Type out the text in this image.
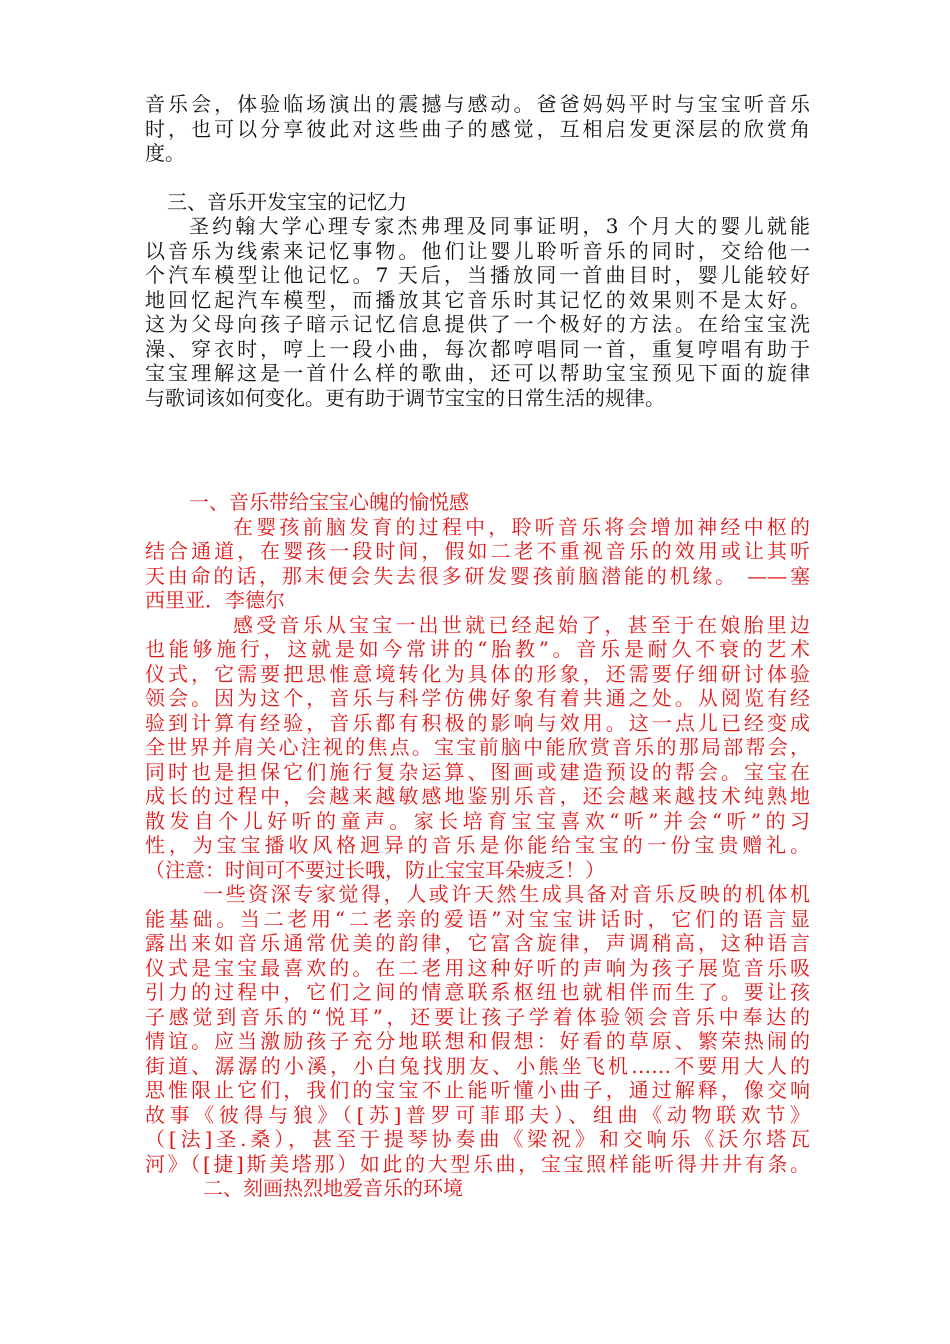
音乐会，体验临场演出的震撼与感动。爸爸妈妈平时与宝宝听音乐
时，也可以分享彼此对这些曲子的感觉，互相启发更深层的欣赏角
度。
三、音乐开发宝宝的记忆力
圣约翰大学心理专家杰弗理及同事证明，3 个月大的婴儿就能
以音乐为线索来记忆事物。他们让婴儿聆听音乐的同时，交给他一
个汽车模型让他记忆。7 天后，当播放同一首曲目时，婴儿能较好
地回忆起汽车模型，而播放其它音乐时其记忆的效果则不是太好。
这为父母向孩子暗示记忆信息提供了一个极好的方法。在给宝宝洗
澡、穿衣时，哼上一段小曲，每次都哼唱同一首，重复哼唱有助于
宝宝理解这是一首什么样的歌曲，还可以帮助宝宝预见下面的旋律
与歌词该如何变化。更有助于调节宝宝的日常生活的规律。
一、音乐带给宝宝心魄的愉悦感
在婴孩前脑发育的过程中，聆听音乐将会增加神经中枢的
结合通道，在婴孩一段时间，假如二老不重视音乐的效用或让其听
天由命的话，那末便会失去很多研发婴孩前脑潜能的机缘。 ——塞
西里亚．李德尔
感受音乐从宝宝一出世就已经起始了，甚至于在娘胎里边
也能够施行，这就是如今常讲的“胎教”。音乐是耐久不衰的艺术
仪式，它需要把思惟意境转化为具体的形象，还需要仔细研讨体验
领会。因为这个，音乐与科学仿佛好象有着共通之处。从阅览有经
验到计算有经验，音乐都有积极的影响与效用。这一点儿已经变成
全世界并肩关心注视的焦点。宝宝前脑中能欣赏音乐的那局部帮会，
同时也是担保它们施行复杂运算、图画或建造预设的帮会。宝宝在
成长的过程中，会越来越敏感地鉴别乐音，还会越来越技术纯熟地
散发自个儿好听的童声。家长培育宝宝喜欢“听”并会“听”的习
性，为宝宝播收风格迥异的音乐是你能给宝宝的一份宝贵赠礼。
（注意：时间可不要过长哦，防止宝宝耳朵疲乏！）
一些资深专家觉得，人或许天然生成具备对音乐反映的机体机
能基础。当二老用“二老亲的爱语”对宝宝讲话时，它们的语言显
露出来如音乐通常优美的韵律，它富含旋律，声调稍高，这种语言
仪式是宝宝最喜欢的。在二老用这种好听的声响为孩子展览音乐吸
引力的过程中，它们之间的情意联系枢纽也就相伴而生了。要让孩
子感觉到音乐的“悦耳”，还要让孩子学着体验领会音乐中奉达的
情谊。应当激励孩子充分地联想和假想：好看的草原、繁荣热闹的
街道、潺潺的小溪，小白兔找朋友、小熊坐飞机……不要用大人的
思惟限止它们，我们的宝宝不止能听懂小曲子，通过解释，像交响
故事《彼得与狼》（[苏]普罗可菲耶夫）、组曲《动物联欢节》
（[法]圣.桑），甚至于提琴协奏曲《梁祝》和交响乐《沃尔塔瓦
河》（[捷]斯美塔那）如此的大型乐曲，宝宝照样能听得井井有条。
二、刻画热烈地爱音乐的环境
